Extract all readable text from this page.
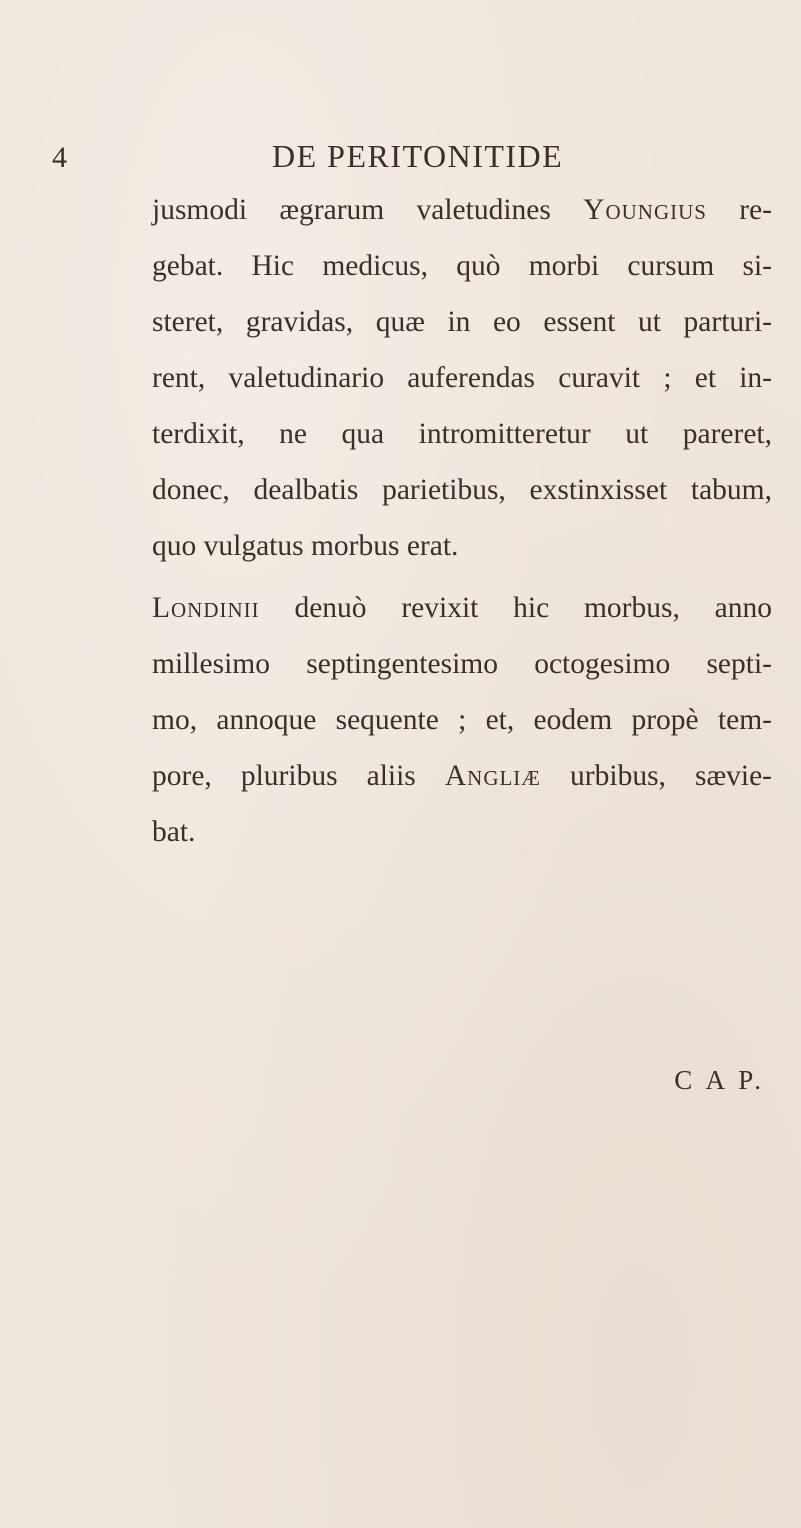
4	DE PERITONITIDE
jusmodi ægrarum valetudines Youngius re-
gebat. Hic medicus, quò morbi cursum si-
steret, gravidas, quæ in eo essent ut parturi-
rent, valetudinario auferendas curavit ; et in-
terdixit, ne qua intromitteretur ut pareret,
donec, dealbatis parietibus, exstinxisset tabum,
quo vulgatus morbus erat.
Londinii denuò revixit hic morbus, anno
millesimo septingentesimo octogesimo septi-
mo, annoque sequente ; et, eodem propè tem-
pore, pluribus aliis Angliæ urbibus, sævie-
bat.
C A P.
